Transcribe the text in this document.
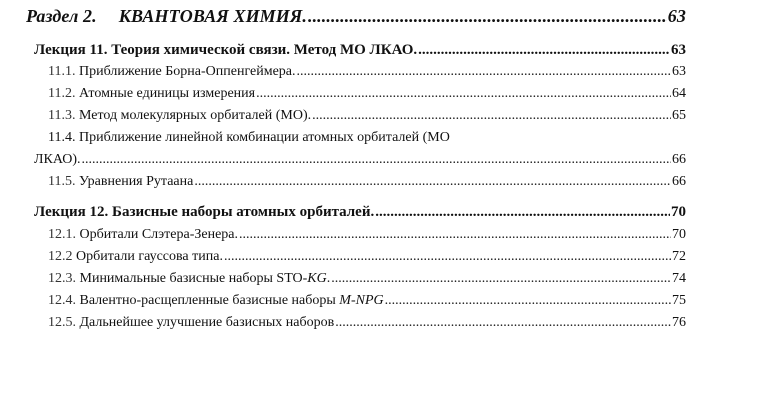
Раздел 2. КВАНТОВАЯ ХИМИЯ. .....	63
Лекция 11. Теория химической связи. Метод МО ЛКАО. .....	63
11.1. Приближение Борна-Оппенгеймера. .....	63
11.2. Атомные единицы измерения .....	64
11.3. Метод молекулярных орбиталей (МО). .....	65
11.4. Приближение линейной комбинации атомных орбиталей (МО
ЛКАО). .....	66
11.5. Уравнения Рутаана .....	66
Лекция 12. Базисные наборы атомных орбиталей. .....	70
12.1. Орбитали Слэтера-Зенера. .....	70
12.2 Орбитали гауссова типа. .....	72
12.3. Минимальные базисные наборы STO-KG. .....	74
12.4. Валентно-расщепленные базисные наборы M-NPG .....	75
12.5. Дальнейшее улучшение базисных наборов .....	76
